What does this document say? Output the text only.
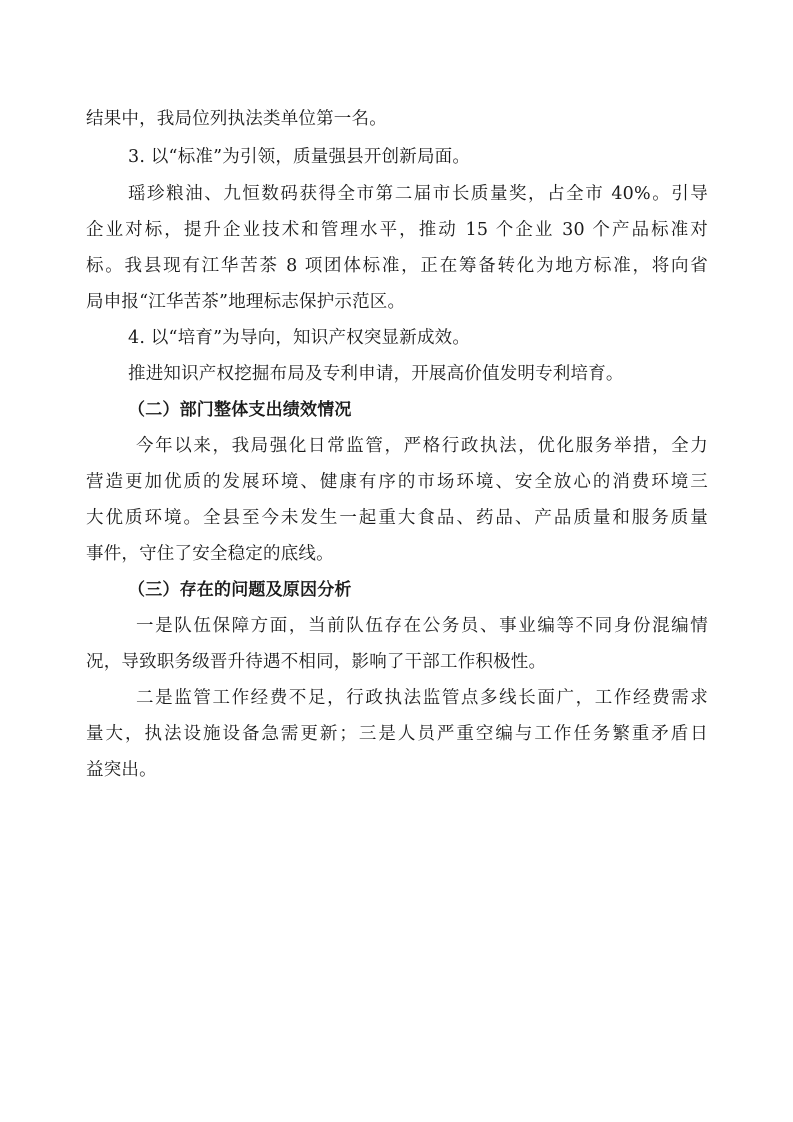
结果中，我局位列执法类单位第一名。
3. 以“标准”为引领，质量强县开创新局面。
瑶珍粮油、九恒数码获得全市第二届市长质量奖，占全市 40%。引导
企业对标，提升企业技术和管理水平，推动 15 个企业 30 个产品标准对
标。我县现有江华苦茶 8 项团体标准，正在筹备转化为地方标准，将向省
局申报“江华苦茶”地理标志保护示范区。
4. 以“培育”为导向，知识产权突显新成效。
推进知识产权挖掘布局及专利申请，开展高价值发明专利培育。
（二）部门整体支出绩效情况
今年以来，我局强化日常监管，严格行政执法，优化服务举措，全力
营造更加优质的发展环境、健康有序的市场环境、安全放心的消费环境三
大优质环境。全县至今未发生一起重大食品、药品、产品质量和服务质量
事件，守住了安全稳定的底线。
（三）存在的问题及原因分析
一是队伍保障方面，当前队伍存在公务员、事业编等不同身份混编情
况，导致职务级晋升待遇不相同，影响了干部工作积极性。
二是监管工作经费不足，行政执法监管点多线长面广，工作经费需求
量大，执法设施设备急需更新；三是人员严重空编与工作任务繁重矛盾日
益突出。
